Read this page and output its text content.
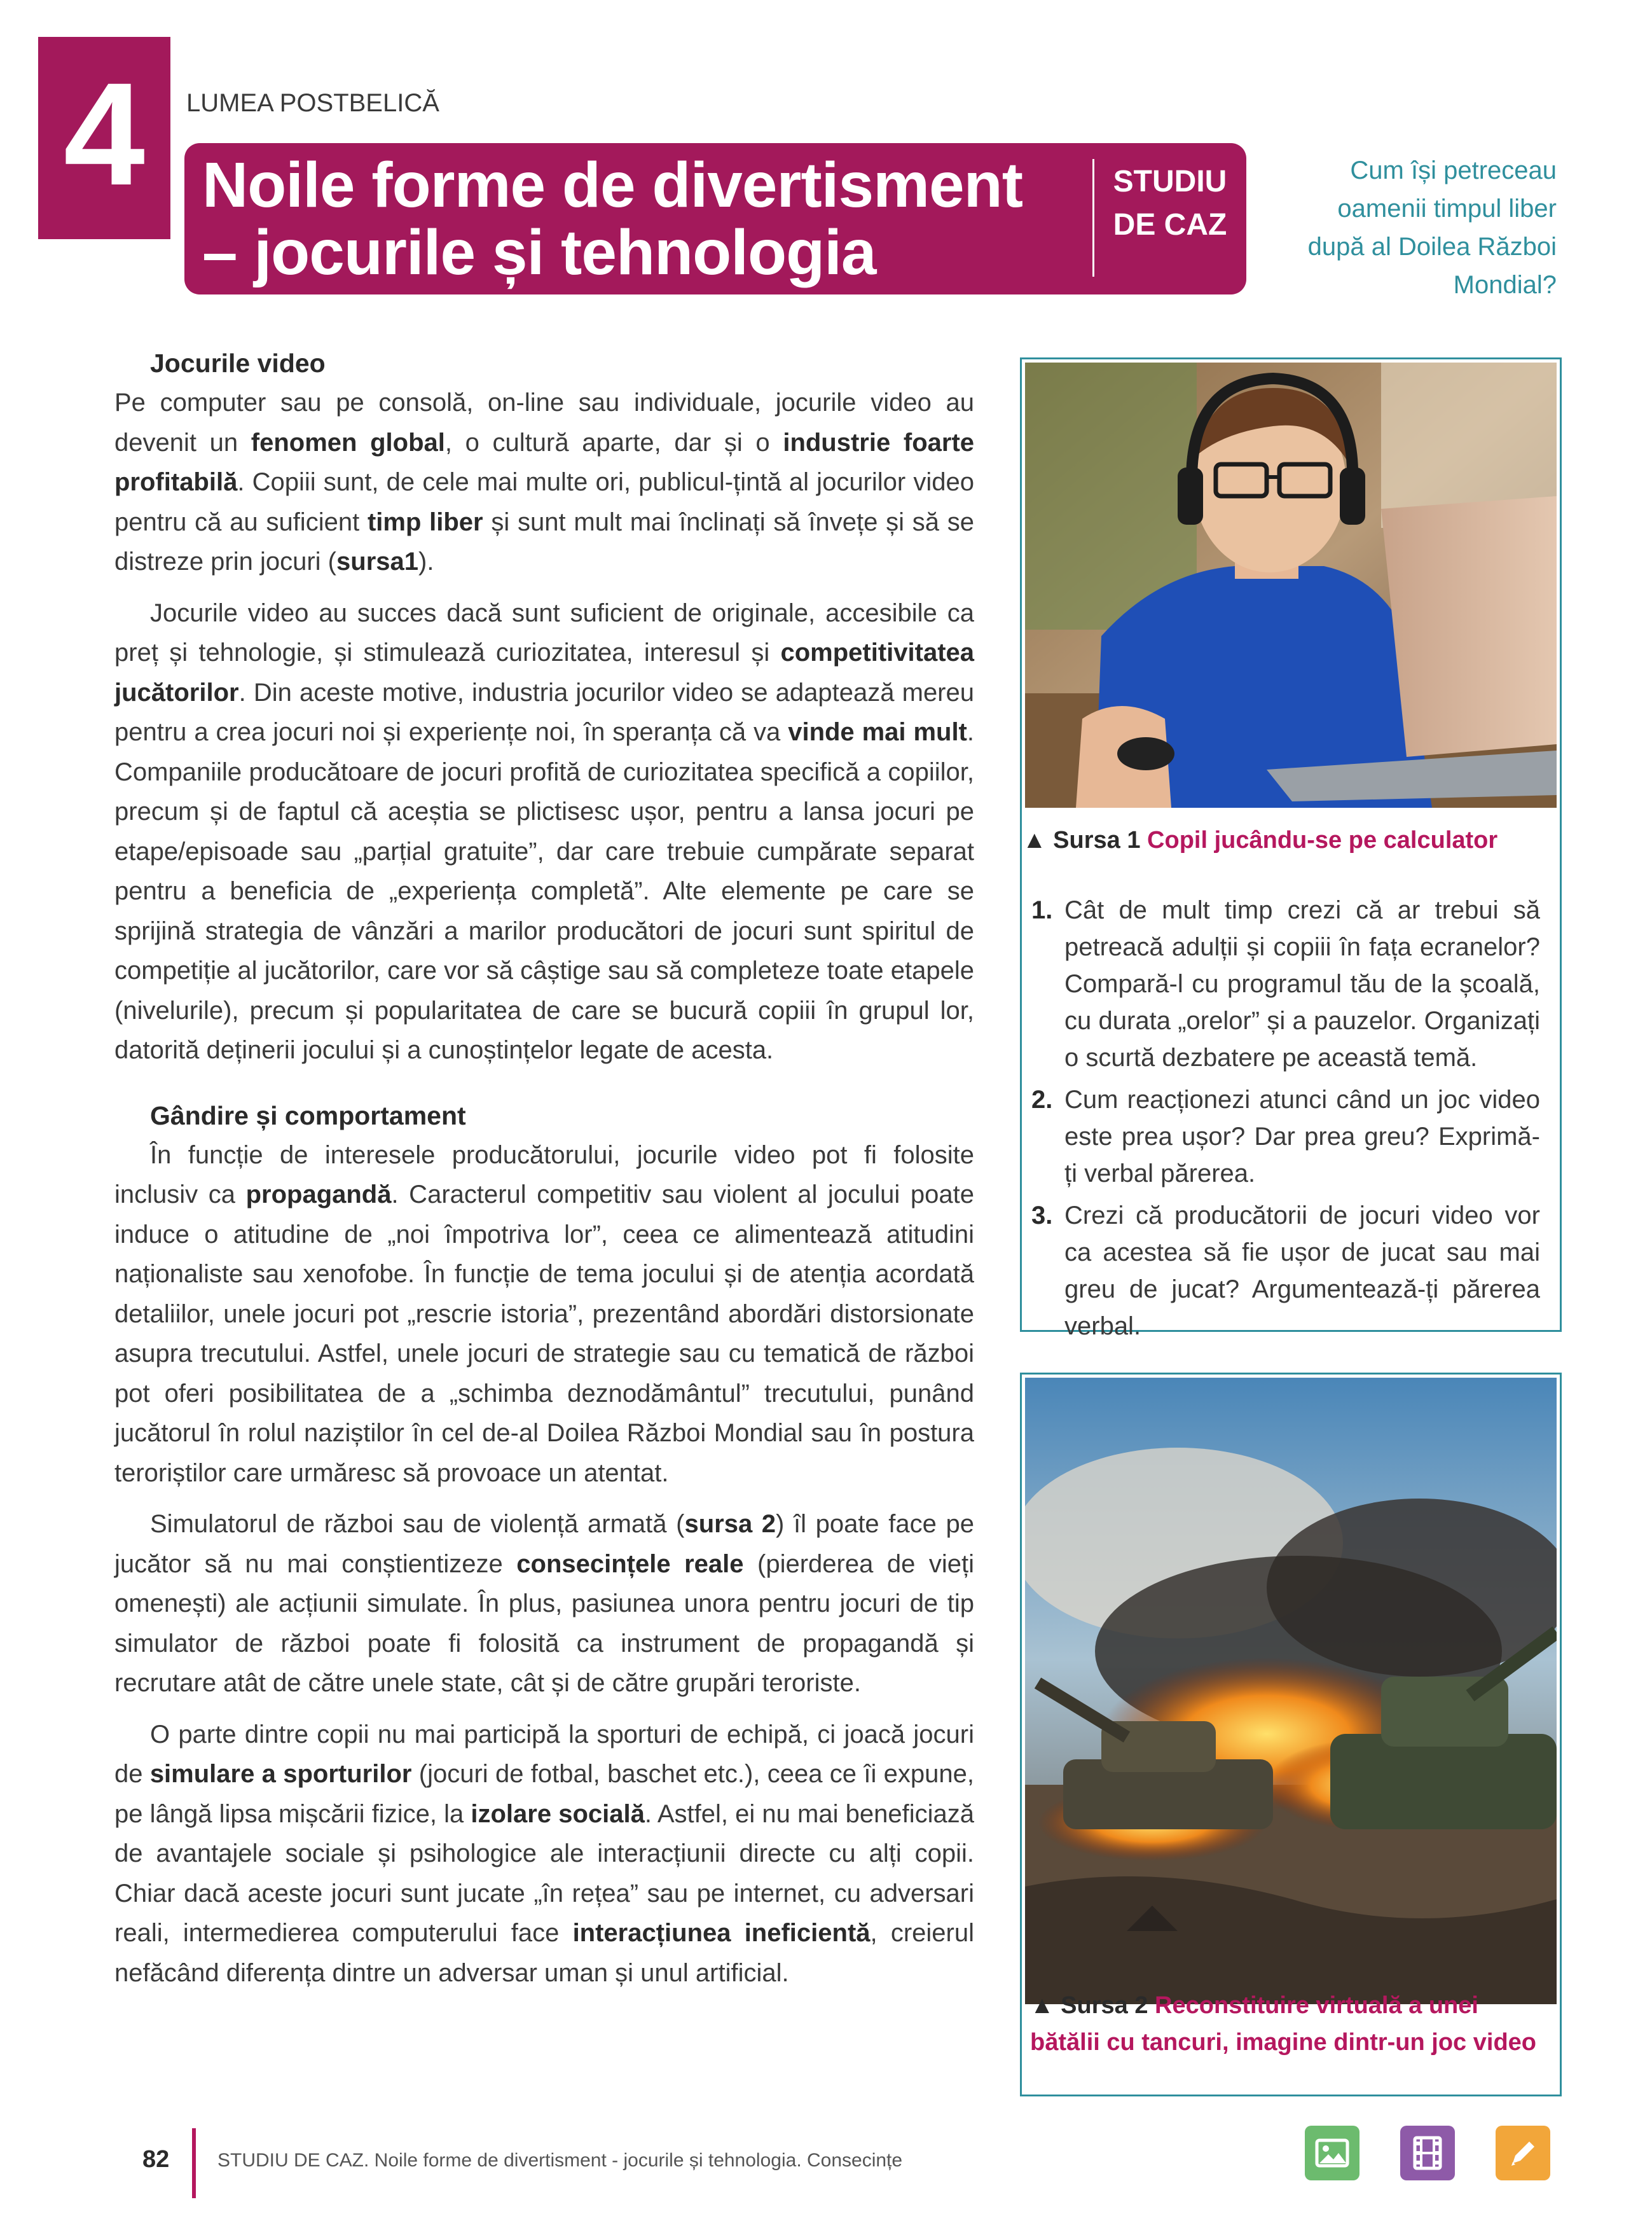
4	LUMEA POSTBELICĂ
Noile forme de divertisment – jocurile și tehnologia
STUDIU DE CAZ
Cum își petreceau oamenii timpul liber după al Doilea Război Mondial?
Jocurile video

Pe computer sau pe consolă, on-line sau individuale, jocurile video au devenit un fenomen global, o cultură aparte, dar și o industrie foarte profitabilă. Copiii sunt, de cele mai multe ori, publicul-țintă al jocurilor video pentru că au suficient timp liber și sunt mult mai înclinați să învețe și să se distreze prin jocuri (sursa1).

Jocurile video au succes dacă sunt suficient de originale, accesibile ca preț și tehnologie, și stimulează curiozitatea, interesul și competitivitatea jucătorilor. Din aceste motive, industria jocurilor video se adaptează mereu pentru a crea jocuri noi și experiențe noi, în speranța că va vinde mai mult. Companiile producătoare de jocuri profită de curiozitatea specifică a copiilor, precum și de faptul că aceștia se plictisesc ușor, pentru a lansa jocuri pe etape/episoade sau „parțial gratuite”, dar care trebuie cumpărate separat pentru a beneficia de „experiența completă”. Alte elemente pe care se sprijină strategia de vânzări a marilor producători de jocuri sunt spiritul de competiție al jucătorilor, care vor să câștige sau să completeze toate etapele (nivelurile), precum și popularitatea de care se bucură copiii în grupul lor, datorită deținerii jocului și a cunoștințelor legate de acesta.

Gândire și comportament

În funcție de interesele producătorului, jocurile video pot fi folosite inclusiv ca propagandă. Caracterul competitiv sau violent al jocului poate induce o atitudine de „noi împotriva lor”, ceea ce alimentează atitudini naționaliste sau xenofobe. În funcție de tema jocului și de atenția acordată detaliilor, unele jocuri pot „rescrie istoria”, prezentând abordări distorsionate asupra trecutului. Astfel, unele jocuri de strategie sau cu tematică de război pot oferi posibilitatea de a „schimba deznodământul” trecutului, punând jucătorul în rolul naziștilor în cel de-al Doilea Război Mondial sau în postura teroriștilor care urmăresc să provoace un atentat.

Simulatorul de război sau de violență armată (sursa 2) îl poate face pe jucător să nu mai conștientizeze consecințele reale (pierderea de vieți omenești) ale acțiunii simulate. În plus, pasiunea unora pentru jocuri de tip simulator de război poate fi folosită ca instrument de propagandă și recrutare atât de către unele state, cât și de către grupări teroriste.

O parte dintre copii nu mai participă la sporturi de echipă, ci joacă jocuri de simulare a sporturilor (jocuri de fotbal, baschet etc.), ceea ce îi expune, pe lângă lipsa mișcării fizice, la izolare socială. Astfel, ei nu mai beneficiază de avantajele sociale și psihologice ale interacțiunii directe cu alți copii. Chiar dacă aceste jocuri sunt jucate „în rețea” sau pe internet, cu adversari reali, intermedierea computerului face interacțiunea ineficientă, creierul nefăcând diferența dintre un adversar uman și unul artificial.

▲ Sursa 1 Copil jucându-se pe calculator
1. Cât de mult timp crezi că ar trebui să petreacă adulții și copiii în fața ecranelor? Compară-l cu programul tău de la școală, cu durata „orelor” și a pauzelor. Organizați o scurtă dezbatere pe această temă.
2. Cum reacționezi atunci când un joc video este prea ușor? Dar prea greu? Exprimă-ți verbal părerea.
3. Crezi că producătorii de jocuri video vor ca acestea să fie ușor de jucat sau mai greu de jucat? Argumentează-ți părerea verbal.
▲ Sursa 2 Reconstituire virtuală a unei bătălii cu tancuri, imagine dintr-un joc video
82	STUDIU DE CAZ. Noile forme de divertisment - jocurile și tehnologia. Consecințe
